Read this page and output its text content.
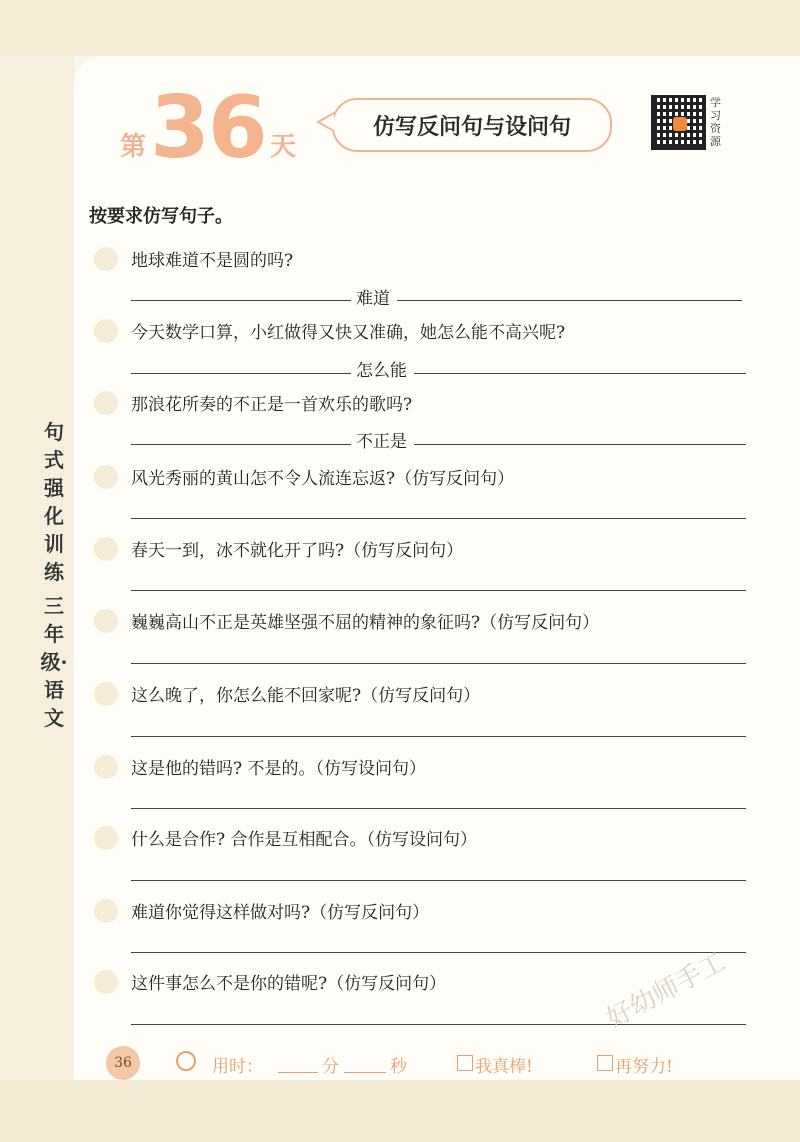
第 36 天
仿写反问句与设问句
学习资源
按要求仿写句子。
句式强化训练
三年级·语文
地球难道不是圆的吗?
难道
今天数学口算，小红做得又快又准确，她怎么能不高兴呢?
怎么能
那浪花所奏的不正是一首欢乐的歌吗?
不正是
风光秀丽的黄山怎不令人流连忘返?（仿写反问句）
春天一到，冰不就化开了吗?（仿写反问句）
巍巍高山不正是英雄坚强不屈的精神的象征吗?（仿写反问句）
这么晚了，你怎么能不回家呢?（仿写反问句）
这是他的错吗? 不是的。（仿写设问句）
什么是合作? 合作是互相配合。（仿写设问句）
难道你觉得这样做对吗?（仿写反问句）
这件事怎么不是你的错呢?（仿写反问句）
36	用时：	分	秒	我真棒!	再努力!
好幼师手工
